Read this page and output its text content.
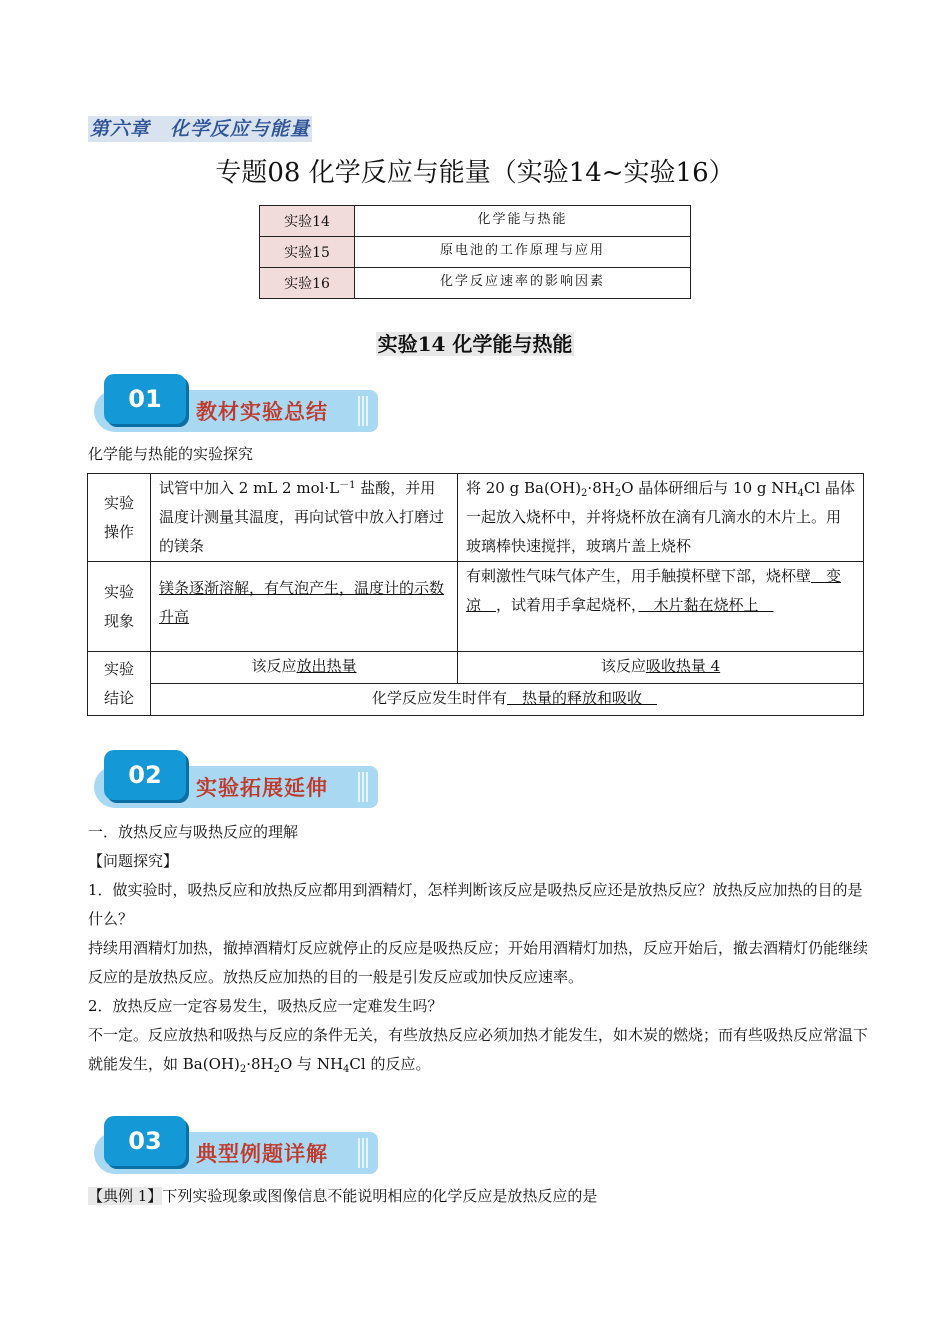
第六章　化学反应与能量
专题08 化学反应与能量（实验14~实验16）
实验14	化学能与热能
实验15	原电池的工作原理与应用
实验16	化学反应速率的影响因素
实验14 化学能与热能
01	教材实验总结
化学能与热能的实验探究
实验
操作	试管中加入 2 mL 2 $mol\cdot L^{-1}$ 盐酸，并用温度计测量其温度，再向试管中放入打磨过的镁条	将 20 g $Ba(OH)_2\cdot 8H_2O$ 晶体研细后与 10 g $NH_4Cl$ 晶体一起放入烧杯中，并将烧杯放在滴有几滴水的木片上。用玻璃棒快速搅拌，玻璃片盖上烧杯
实验
现象	镁条逐渐溶解，有气泡产生，温度计的示数升高	有刺激性气味气体产生，用手触摸杯壁下部，烧杯壁　变凉　，试着用手拿起烧杯，　木片黏在烧杯上　
实验
结论	该反应放出热量	该反应吸收热量 4
	化学反应发生时伴有　热量的释放和吸收　	
02	实验拓展延伸
一．放热反应与吸热反应的理解
【问题探究】
1．做实验时，吸热反应和放热反应都用到酒精灯，怎样判断该反应是吸热反应还是放热反应？放热反应加热的目的是什么？
持续用酒精灯加热，撤掉酒精灯反应就停止的反应是吸热反应；开始用酒精灯加热，反应开始后，撤去酒精灯仍能继续反应的是放热反应。放热反应加热的目的一般是引发反应或加快反应速率。
2．放热反应一定容易发生，吸热反应一定难发生吗？
不一定。反应放热和吸热与反应的条件无关，有些放热反应必须加热才能发生，如木炭的燃烧；而有些吸热反应常温下就能发生，如 $Ba(OH)_2\cdot 8H_2O$ 与 $NH_4Cl$ 的反应。
03	典型例题详解
【典例 1】下列实验现象或图像信息不能说明相应的化学反应是放热反应的是
